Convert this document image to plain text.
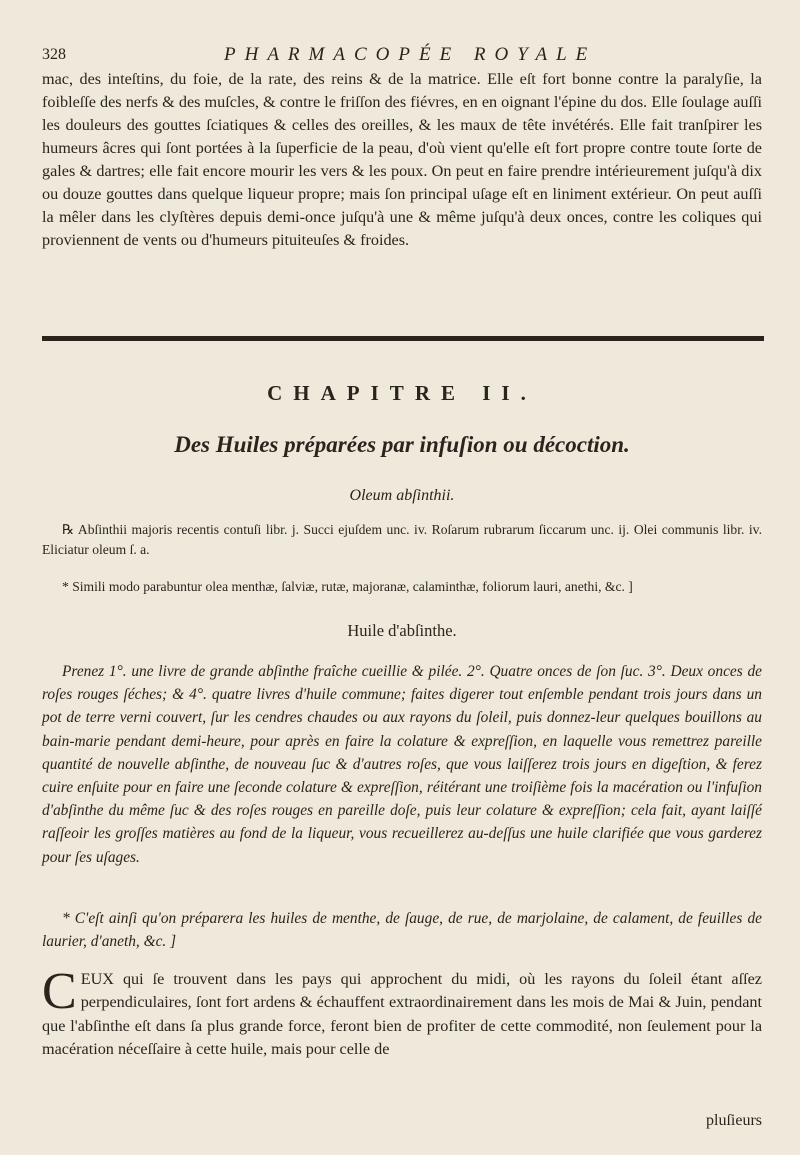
328	PHARMACOPÉE ROYALE

mac, des inteſtins, du foie, de la rate, des reins & de la matrice. Elle eſt fort bonne contre la paralyſie, la foibleſſe des nerfs & des muſcles, & contre le friſſon des fiévres, en en oignant l'épine du dos. Elle ſoulage auſſi les douleurs des gouttes ſciatiques & celles des oreilles, & les maux de tête invétérés. Elle fait tranſpirer les humeurs âcres qui ſont portées à la ſuperficie de la peau, d'où vient qu'elle eſt fort propre contre toute ſorte de gales & dartres; elle fait encore mourir les vers & les poux. On peut en faire prendre intérieurement juſqu'à dix ou douze gouttes dans quelque liqueur propre; mais ſon principal uſage eſt en liniment extérieur. On peut auſſi la mêler dans les clyſtères depuis demi-once juſqu'à une & même juſqu'à deux onces, contre les coliques qui proviennent de vents ou d'humeurs pituiteuſes & froides.

CHAPITRE II.
Des Huiles préparées par infuſion ou décoction.

Oleum abſinthii.

℞ Abſinthii majoris recentis contuſi libr. j. Succi ejuſdem unc. iv. Roſarum rubrarum ſiccarum unc. ij. Olei communis libr. iv. Eliciatur oleum ſ. a.

* Simili modo parabuntur olea menthæ, ſalviæ, rutæ, majoranæ, calaminthæ, foliorum lauri, anethi, &c. ]

Huile d'abſinthe.

Prenez 1°. une livre de grande abſinthe fraîche cueillie & pilée. 2°. Quatre onces de ſon ſuc. 3°. Deux onces de roſes rouges ſéches; & 4°. quatre livres d'huile commune; faites digerer tout enſemble pendant trois jours dans un pot de terre verni couvert, ſur les cendres chaudes ou aux rayons du ſoleil, puis donnez-leur quelques bouillons au bain-marie pendant demi-heure, pour après en faire la colature & expreſſion, en laquelle vous remettrez pareille quantité de nouvelle abſinthe, de nouveau ſuc & d'autres roſes, que vous laiſſerez trois jours en digeſtion, & ferez cuire enſuite pour en faire une ſeconde colature & expreſſion, réitérant une troiſième fois la macération ou l'infuſion d'abſinthe du même ſuc & des roſes rouges en pareille doſe, puis leur colature & expreſſion; cela fait, ayant laiſſé raſſeoir les groſſes matières au fond de la liqueur, vous recueillerez au-deſſus une huile clarifiée que vous garderez pour ſes uſages.

* C'eſt ainſi qu'on préparera les huiles de menthe, de ſauge, de rue, de marjolaine, de calament, de feuilles de laurier, d'aneth, &c. ]

CEUX qui ſe trouvent dans les pays qui approchent du midi, où les rayons du ſoleil étant aſſez perpendiculaires, ſont fort ardens & échauffent extraordinairement dans les mois de Mai & Juin, pendant que l'abſinthe eſt dans ſa plus grande force, feront bien de profiter de cette commodité, non ſeulement pour la macération néceſſaire à cette huile, mais pour celle de

pluſieurs
